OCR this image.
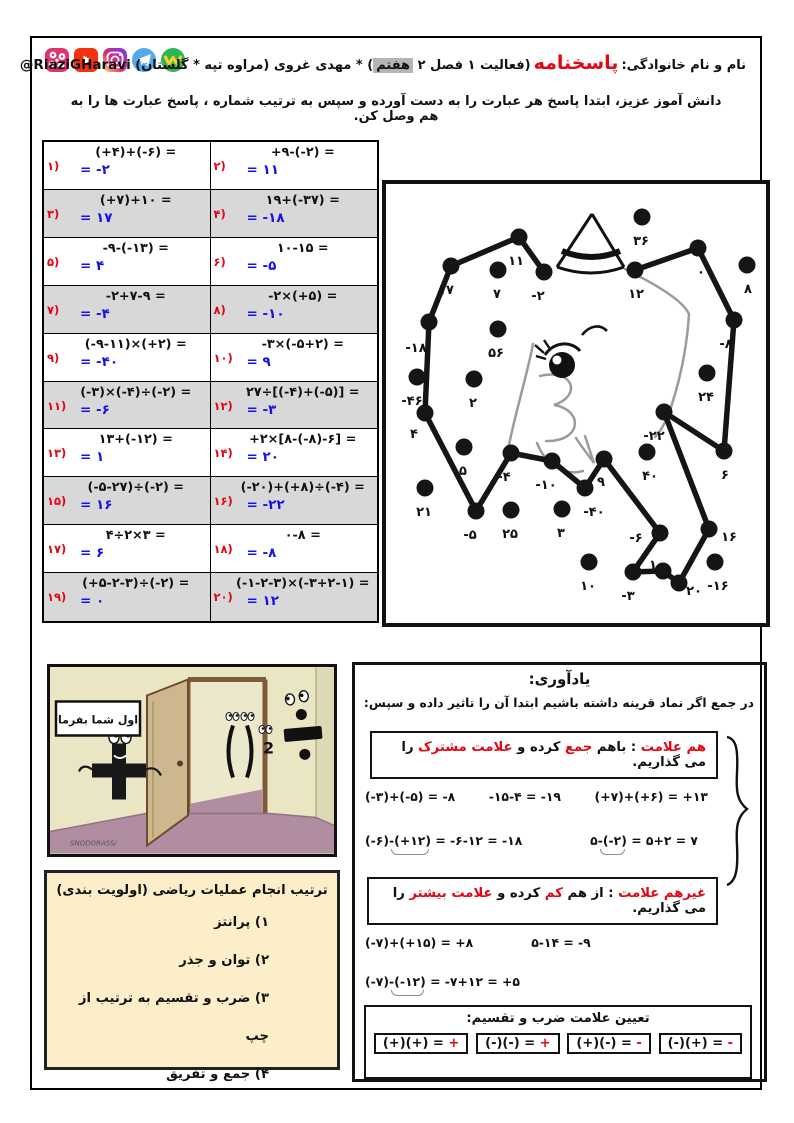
نام و نام خانوادگی:پاسخنامه(فعالیت ۱ فصل ۲ هفتم) * مهدی غروی (مراوه تپه * گلستان) @RiaziGHaravi
دانش آموز عزیز، ابتدا پاسخ هر عبارت را به دست آورده و سپس به ترتیب شماره ، پاسخ عبارت ها را به هم وصل کن.
۱)
(+۴)+(-۶) =
= -۲	۲)
+۹-(-۲) =
= ۱۱
۳)
(+۷)+۱۰ =
= ۱۷	۴)
۱۹+(-۳۷) =
= -۱۸
۵)
-۹-(-۱۳) =
= ۴	۶)
۱۰-۱۵ =
= -۵
۷)
-۲+۷-۹ =
= -۴	۸)
-۲×(+۵) =
= -۱۰
۹)
(-۹-۱۱)×(+۲) =
= -۴۰	۱۰)
-۳×(-۵+۲) =
= ۹
۱۱)
(-۳)×(-۴)÷(-۲) =
= -۶	۱۲)
۲۷÷[(-۴)+(-۵)] =
= -۳
۱۳)
۱۳+(-۱۲) =
= ۱	۱۴)
+۲×[۸-(-۸)-۶] =
= ۲۰
۱۵)
(-۵-۲۷)÷(-۲) =
= ۱۶	۱۶)
(-۲۰)+(+۸)÷(-۴) =
= -۲۲
۱۷)
۴÷۲×۳ =
= ۶	۱۸)
۰-۸ =
= -۸
۱۹)
(+۵-۲-۳)÷(-۲) =
= ۰	۲۰)
(-۱-۲-۳)×(-۳+۲-۱) =
= ۱۲
-۲
۱۱
۱۷
-۱۸
۴
-۵
-۴
-۱۰
-۴۰
۹
-۶
-۳
۱
۲۰
۱۶
-۲۲
۶
-۸
۰
۱۲
۳۶
۷	۸
۵۶
۲
-۴۶	۲۴
۴۰
۵
۲۱
۲۵	۳
۱۰	-۱۶
اول شما بفرما
2
SNODGRASS/
یادآوری:
در جمع اگر نماد قرینه داشته باشیم ابتدا آن را تاثیر داده و سپس:
هم علامت : باهم جمع کرده و علامت مشترک را می گذاریم.
(-۳)+(-۵) = -۸	-۱۵-۴ = -۱۹	(+۷)+(+۶) = +۱۳
(-۶)-(+۱۲) = -۶-۱۲ = -۱۸	۵-(-۲) = ۵+۲ = ۷
غیرهم علامت : از هم کم کرده و علامت بیشتر را می گذاریم.
(-۷)+(+۱۵) = +۸	۵-۱۴ = -۹
(-۷)-(-۱۲) = -۷+۱۲ = +۵
تعیین علامت ضرب و تقسیم:
(+)(+) = +	(-)(-) = +	(+)(-) = -	(-)(+) = -
ترتیب انجام عملیات ریاضی (اولویت بندی)
۱) پرانتز
۲) توان و جذر
۳) ضرب و تقسیم به ترتیب از چپ
۴) جمع و تفریق
